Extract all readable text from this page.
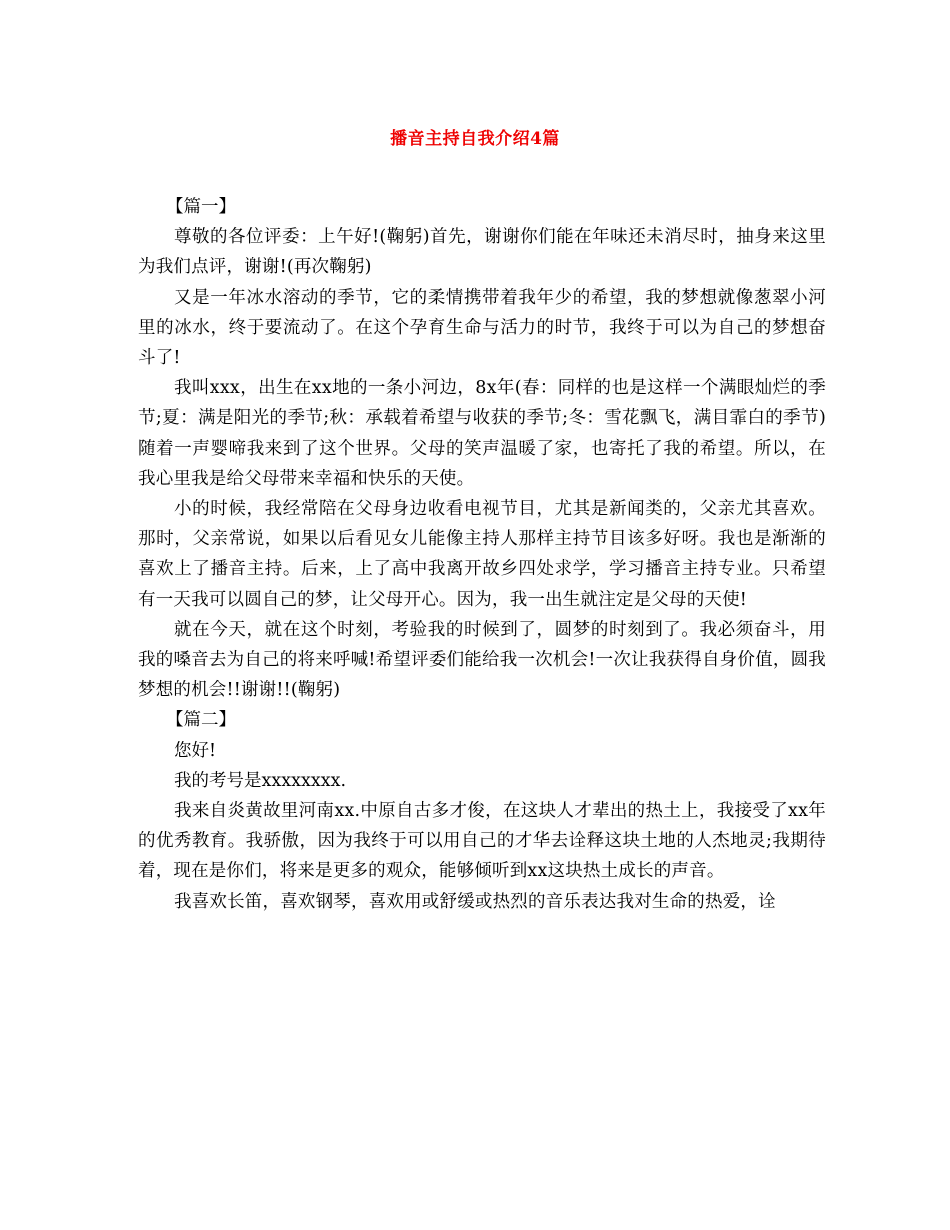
播音主持自我介绍4篇
【篇一】
尊敬的各位评委：上午好!(鞠躬)首先，谢谢你们能在年味还未消尽时，抽身来这里为我们点评，谢谢!(再次鞠躬)
又是一年冰水溶动的季节，它的柔情携带着我年少的希望，我的梦想就像葱翠小河里的冰水，终于要流动了。在这个孕育生命与活力的时节，我终于可以为自己的梦想奋斗了!
我叫xxx，出生在xx地的一条小河边，8x年(春：同样的也是这样一个满眼灿烂的季节;夏：满是阳光的季节;秋：承载着希望与收获的季节;冬：雪花飘飞，满目霏白的季节)随着一声婴啼我来到了这个世界。父母的笑声温暖了家，也寄托了我的希望。所以，在我心里我是给父母带来幸福和快乐的天使。
小的时候，我经常陪在父母身边收看电视节目，尤其是新闻类的，父亲尤其喜欢。那时，父亲常说，如果以后看见女儿能像主持人那样主持节目该多好呀。我也是渐渐的喜欢上了播音主持。后来，上了高中我离开故乡四处求学，学习播音主持专业。只希望有一天我可以圆自己的梦，让父母开心。因为，我一出生就注定是父母的天使!
就在今天，就在这个时刻，考验我的时候到了，圆梦的时刻到了。我必须奋斗，用我的嗓音去为自己的将来呼喊!希望评委们能给我一次机会!一次让我获得自身价值，圆我梦想的机会!!谢谢!!(鞠躬)
【篇二】
您好!
我的考号是xxxxxxxx.
我来自炎黄故里河南xx.中原自古多才俊，在这块人才辈出的热土上，我接受了xx年的优秀教育。我骄傲，因为我终于可以用自己的才华去诠释这块土地的人杰地灵;我期待着，现在是你们，将来是更多的观众，能够倾听到xx这块热土成长的声音。
我喜欢长笛，喜欢钢琴，喜欢用或舒缓或热烈的音乐表达我对生命的热爱，诠
